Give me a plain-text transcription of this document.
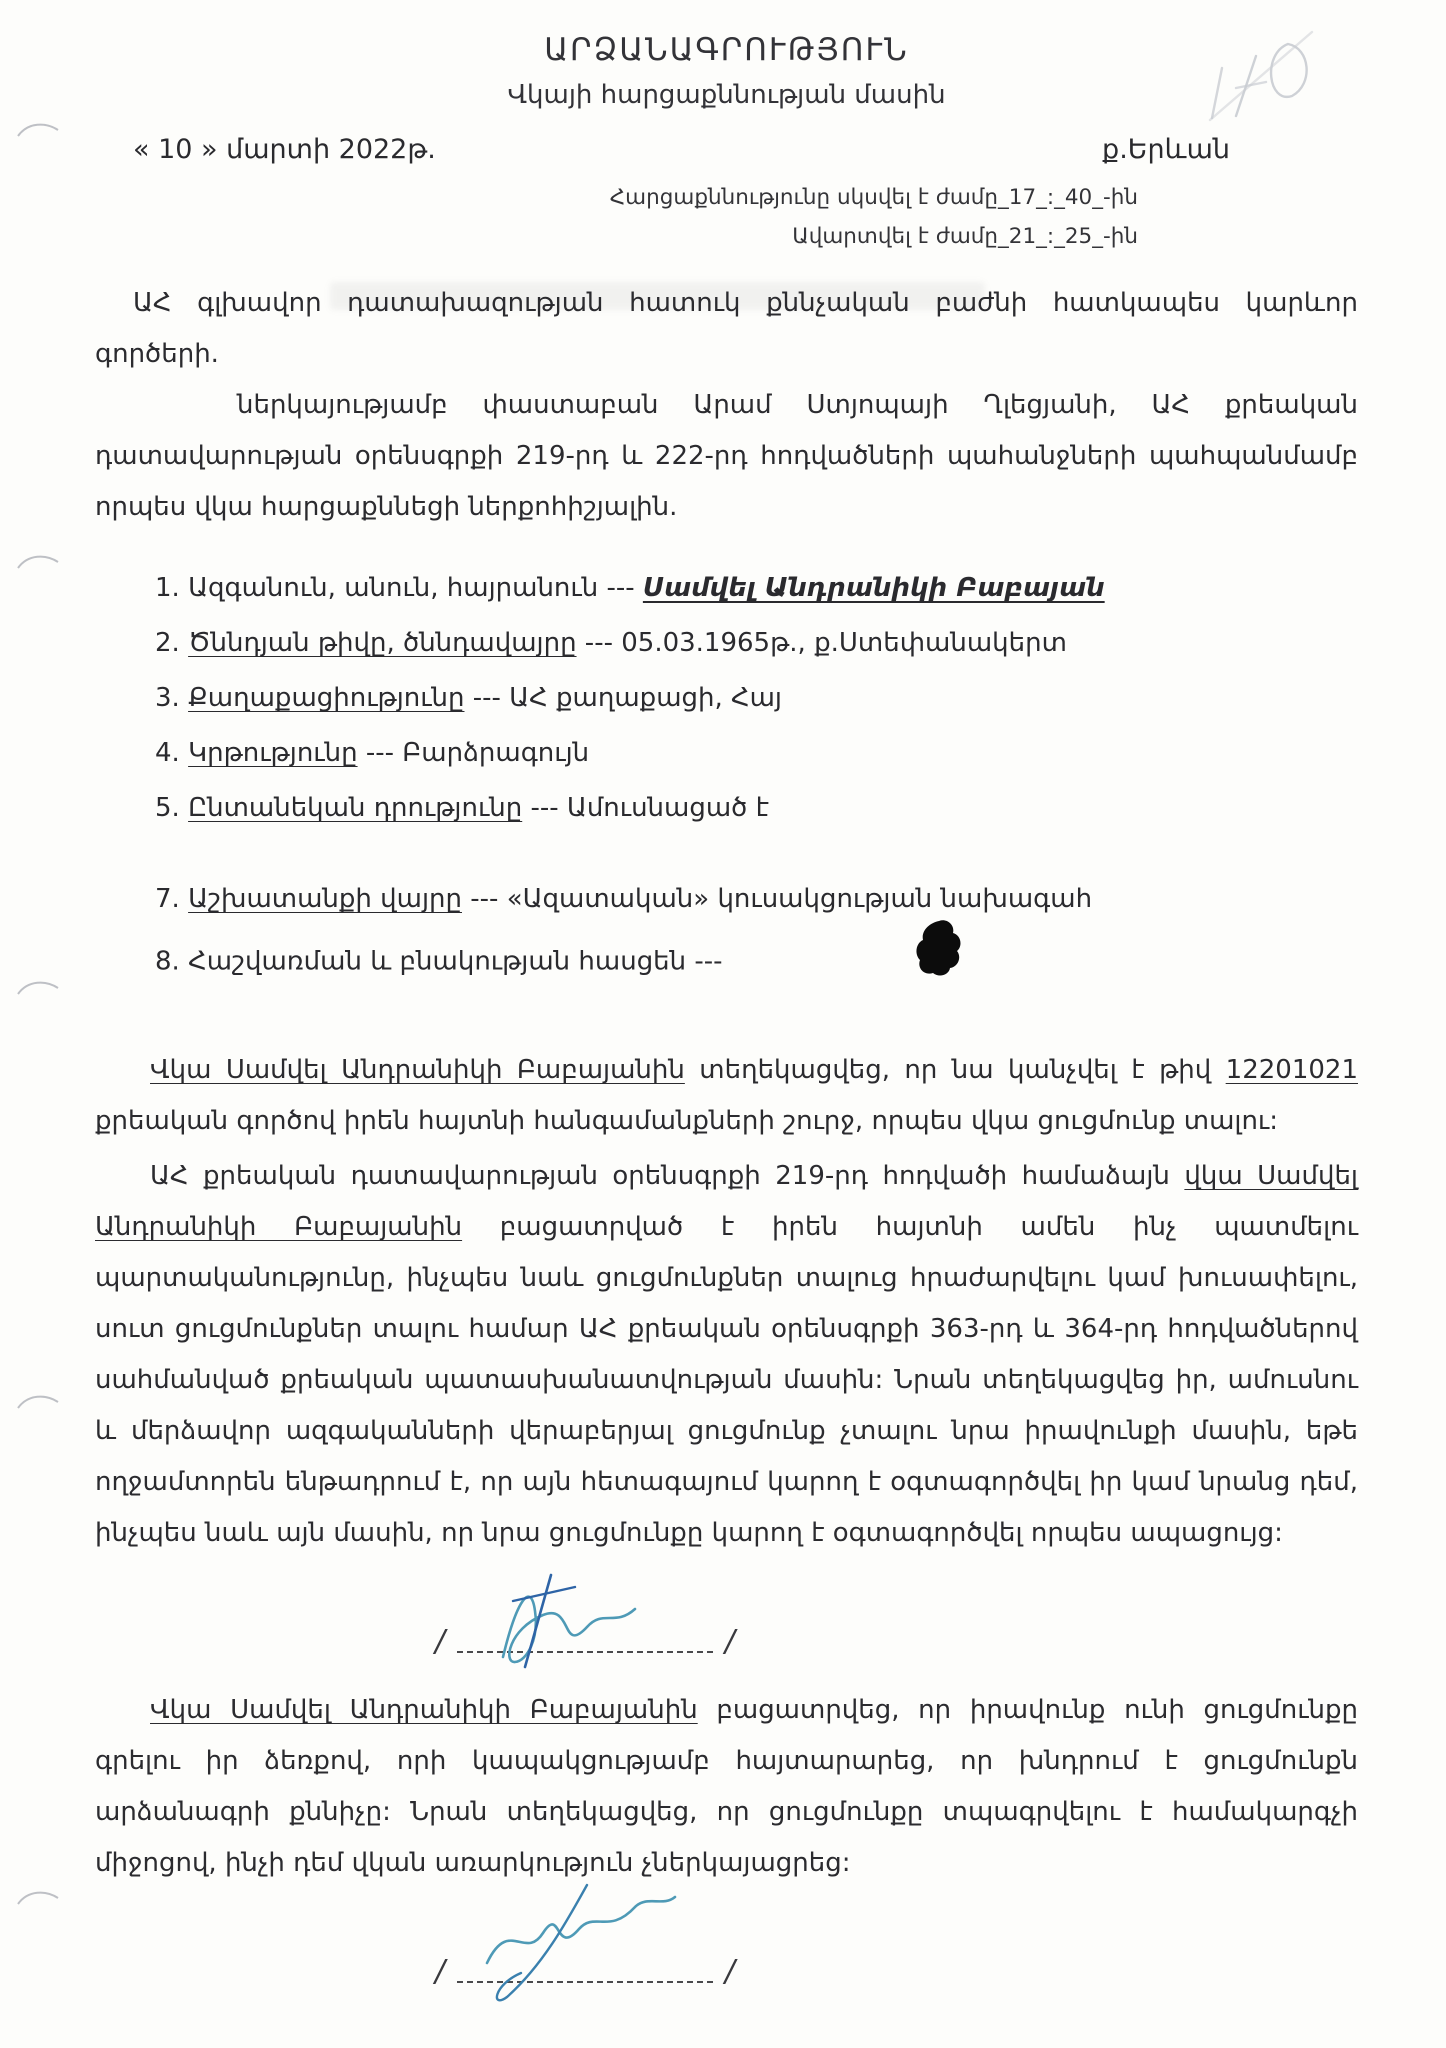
ԱՐՁԱՆԱԳՐՈՒԹՅՈՒՆ
Վկայի հարցաքննության մասին
« 10 » մարտի 2022թ.	ք.Երևան
Հարցաքննությունը սկսվել է ժամը_17_:_40_-ին
Ավարտվել է ժամը_21_:_25_-ին

ԱՀ գլխավոր դատախազության հատուկ քննչական բաժնի հատկապես կարևոր գործերի.

ներկայությամբ փաստաբան Արամ Ստյոպայի Ղլեցյանի, ԱՀ քրեական դատավարության օրենսգրքի 219-րդ և 222-րդ հոդվածների պահանջների պահպանմամբ որպես վկա հարցաքննեցի ներքոհիշյալին.

1. Ազգանուն, անուն, հայրանուն --- Սամվել Անդրանիկի Բաբայան
2. Ծննդյան թիվը, ծննդավայրը --- 05.03.1965թ., ք.Ստեփանակերտ
3. Քաղաքացիությունը --- ԱՀ քաղաքացի, Հայ
4. Կրթությունը --- Բարձրագույն
5. Ընտանեկան դրությունը --- Ամուսնացած է
7. Աշխատանքի վայրը --- «Ազատական» կուսակցության նախագահ
8. Հաշվառման և բնակության հասցեն ---

Վկա Սամվել Անդրանիկի Բաբայանին տեղեկացվեց, որ նա կանչվել է թիվ 12201021 քրեական գործով իրեն հայտնի հանգամանքների շուրջ, որպես վկա ցուցմունք տալու:

ԱՀ քրեական դատավարության օրենսգրքի 219-րդ հոդվածի համաձայն վկա Սամվել Անդրանիկի Բաբայանին բացատրված է իրեն հայտնի ամեն ինչ պատմելու պարտականությունը, ինչպես նաև ցուցմունքներ տալուց հրաժարվելու կամ խուսափելու, սուտ ցուցմունքներ տալու համար ԱՀ քրեական օրենսգրքի 363-րդ և 364-րդ հոդվածներով սահմանված քրեական պատասխանատվության մասին: Նրան տեղեկացվեց իր, ամուսնու և մերձավոր ազգականների վերաբերյալ ցուցմունք չտալու նրա իրավունքի մասին, եթե ողջամտորեն ենթադրում է, որ այն հետագայում կարող է օգտագործվել իր կամ նրանց դեմ, ինչպես նաև այն մասին, որ նրա ցուցմունքը կարող է օգտագործվել որպես ապացույց:

/	/

Վկա Սամվել Անդրանիկի Բաբայանին բացատրվեց, որ իրավունք ունի ցուցմունքը գրելու իր ձեռքով, որի կապակցությամբ հայտարարեց, որ խնդրում է ցուցմունքն արձանագրի քննիչը: Նրան տեղեկացվեց, որ ցուցմունքը տպագրվելու է համակարգչի միջոցով, ինչի դեմ վկան առարկություն չներկայացրեց:

/	/
